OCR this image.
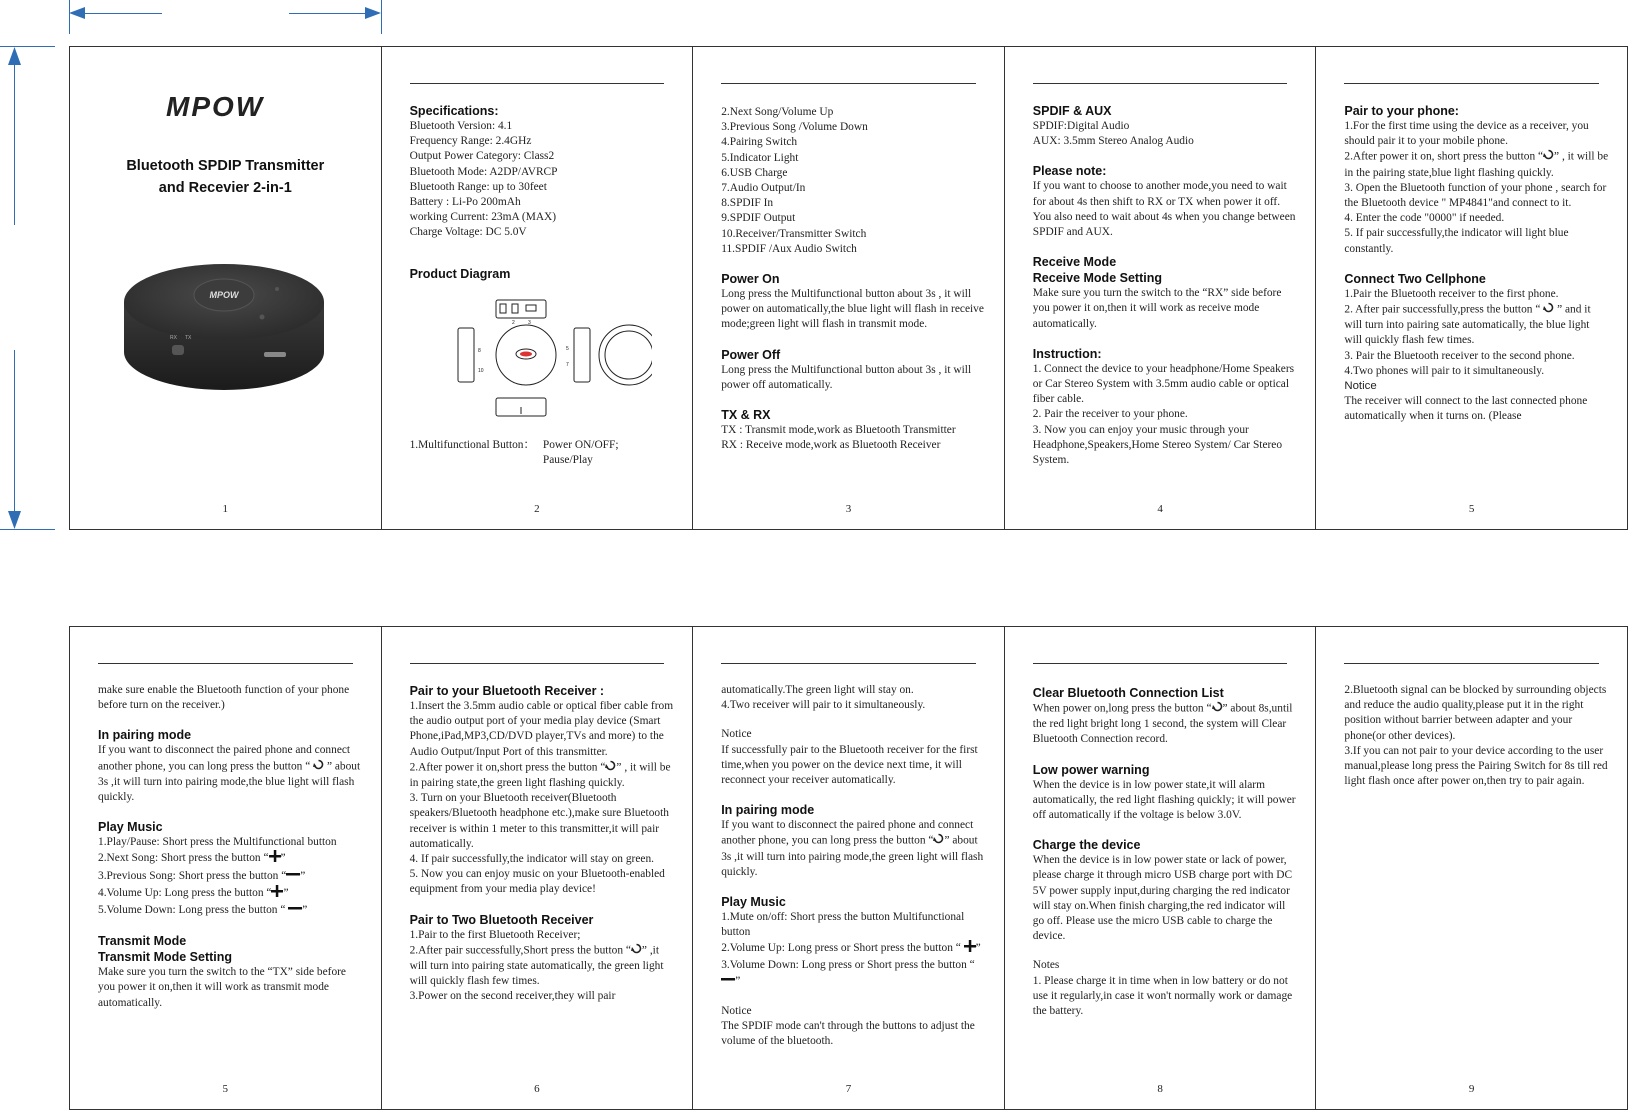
MPOW
Bluetooth SPDIP Transmitter
and Recevier 2-in-1
MPOW
RX TX
1

Specifications:

Bluetooth Version: 4.1

Frequency Range: 2.4GHz

Output Power Category: Class2

Bluetooth Mode: A2DP/AVRCP

Bluetooth Range: up to 30feet

Battery : Li-Po 200mAh

working Current: 23mA (MAX)

Charge Voltage: DC 5.0V

Product Diagram

2	3
8
10
5
7
1.Multifunctional Button： Power ON/OFF;
Pause/Play
2

2.Next Song/Volume Up

3.Previous Song /Volume Down

4.Pairing Switch

5.Indicator Light

6.USB Charge

7.Audio Output/In

8.SPDIF In

9.SPDIF Output

10.Receiver/Transmitter Switch

11.SPDIF /Aux Audio Switch

Power On

Long press the Multifunctional button about 3s , it will power on automatically,the blue light will flash in receive mode;green light will flash in transmit mode.

Power Off

Long press the Multifunctional button about 3s , it will power off automatically.

TX & RX

TX : Transmit mode,work as Bluetooth Transmitter

RX : Receive mode,work as Bluetooth Receiver

3

SPDIF & AUX

SPDIF:Digital Audio

AUX: 3.5mm Stereo Analog Audio

Please note:

If you want to choose to another mode,you need to wait for about 4s then shift to RX or TX when power it off.

You also need to wait about 4s when you change between SPDIF and AUX.

Receive Mode

Receive Mode Setting

Make sure you turn the switch to the “RX” side before you power it on,then it will work as receive mode automatically.

Instruction:

1. Connect the device to your headphone/Home Speakers or Car Stereo System with 3.5mm audio cable or optical fiber cable.

2. Pair the receiver to your phone.

3. Now you can enjoy your music through your Headphone,Speakers,Home Stereo System/ Car Stereo System.

4

Pair to your phone:

1.For the first time using the device as a receiver, you should pair it to your mobile phone.

2.After power it on, short press the button “ ” , it will be in the pairing state,blue light flashing quickly.

3. Open the Bluetooth function of your phone , search for the Bluetooth device " MP4841"and connect to it.

4. Enter the code "0000" if needed.

5. If pair successfully,the indicator will light blue constantly.

Connect Two Cellphone

1.Pair the Bluetooth receiver to the first phone.

2. After pair successfully,press the button “  ” and it will turn into pairing sate automatically, the blue light will quickly flash few times.

3. Pair the Bluetooth receiver to the second phone.

4.Two phones will pair to it simultaneously.

Notice

The receiver will connect to the last connected phone automatically when it turns on. (Please

5

make sure enable the Bluetooth function of your phone before turn on the receiver.)

In pairing mode

If you want to disconnect the paired phone and connect another phone, you can long press the button “  ” about 3s ,it will turn into pairing mode,the blue light will flash quickly.

Play Music

1.Play/Pause: Short press the Multifunctional button

2.Next Song: Short press the button “ ”

3.Previous Song: Short press the button “ ”

4.Volume Up: Long press the button “ ”

5.Volume Down: Long press the button “ ”

Transmit Mode

Transmit Mode Setting

Make sure you turn the switch to the “TX” side before you power it on,then it will work as transmit mode automatically.

5

Pair to your Bluetooth Receiver :

1.Insert the 3.5mm audio cable or optical fiber cable from the audio output port of your media play device (Smart Phone,iPad,MP3,CD/DVD player,TVs and more) to the Audio Output/Input Port of this transmitter.

2.After power it on,short press the button “ ” , it will be in pairing state,the green light flashing quickly.

3. Turn on your Bluetooth receiver(Bluetooth speakers/Bluetooth headphone etc.),make sure Bluetooth receiver is within 1 meter to this transmitter,it will pair automatically.

4. If pair successfully,the indicator will stay on green.

5. Now you can enjoy music on your Bluetooth-enabled equipment from your media play device!

Pair to Two Bluetooth Receiver

1.Pair to the first Bluetooth Receiver;

2.After pair successfully,Short press the button “ ” ,it will turn into pairing state automatically, the green light will quickly flash few times.

3.Power on the second receiver,they will pair

6

automatically.The green light will stay on.

4.Two receiver will pair to it simultaneously.

Notice

If successfully pair to the Bluetooth receiver for the first time,when you power on the device next time, it will reconnect your receiver automatically.

In pairing mode

If you want to disconnect the paired phone and connect another phone, you can long press the button “ ” about 3s ,it will turn into pairing mode,the green light will flash quickly.

Play Music

1.Mute on/off: Short press the button Multifunctional button

2.Volume Up: Long press or Short press the button “ ”

3.Volume Down: Long press or Short press the button “ ”

Notice

The SPDIF mode can't through the buttons to adjust the volume of the bluetooth.

7

Clear Bluetooth Connection List

When power on,long press the button “ ” about 8s,until the red light bright long 1 second, the system will Clear Bluetooth Connection record.

Low power warning

When the device is in low power state,it will alarm automatically, the red light flashing quickly; it will power off automatically if the voltage is below 3.0V.

Charge the device

When the device is in low power state or lack of power, please charge it through micro USB charge port with DC 5V power supply input,during charging the red indicator will stay on.When finish charging,the red indicator will go off. Please use the micro USB cable to charge the device.

Notes

1. Please charge it in time when in low battery or do not use it regularly,in case it won't normally work or damage the battery.

8

2.Bluetooth signal can be blocked by surrounding objects and reduce the audio quality,please put it in the right position without barrier between adapter and your phone(or other devices).

3.If you can not pair to your device according to the user manual,please long press the Pairing Switch for 8s till red light flash once after power on,then try to pair again.

9
